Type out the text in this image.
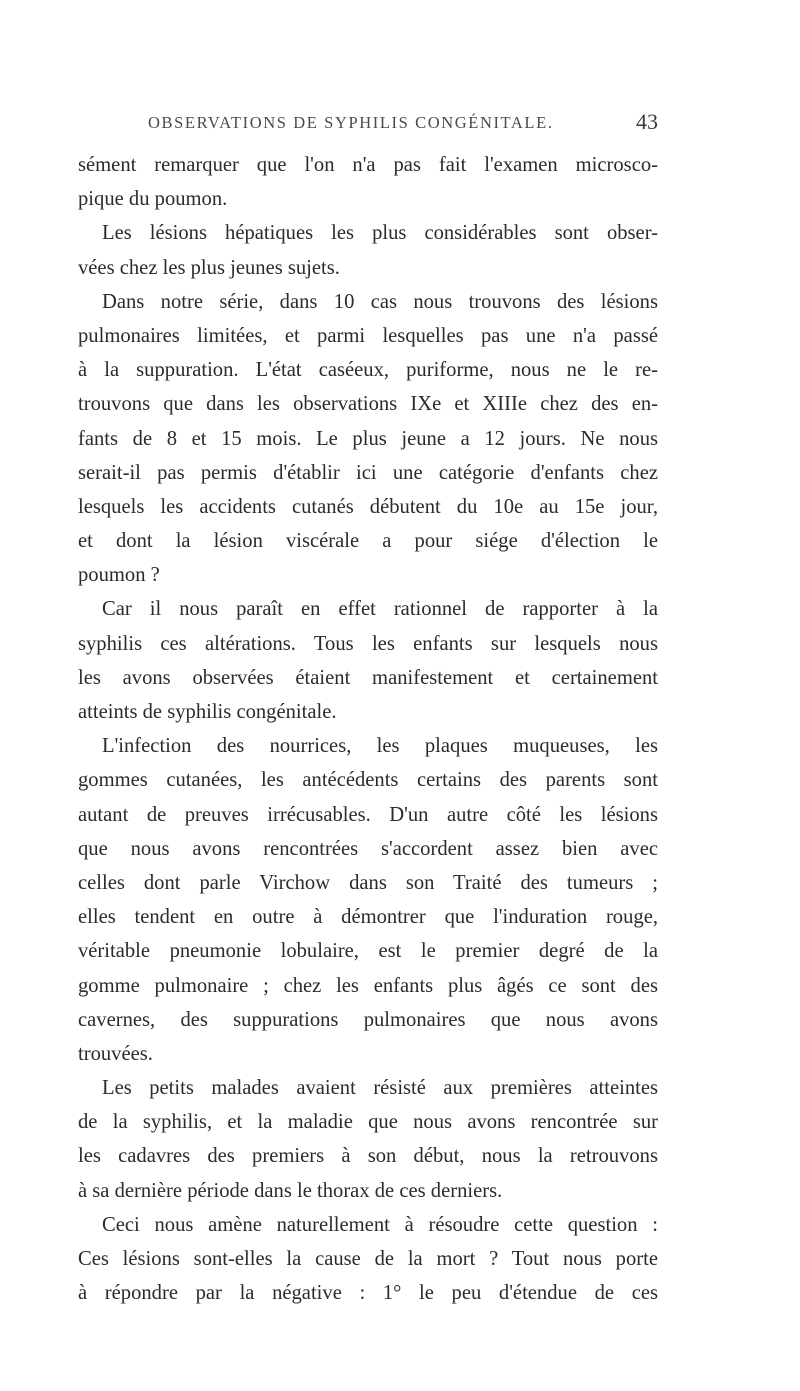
OBSERVATIONS DE SYPHILIS CONGÉNITALE.	43
sément remarquer que l'on n'a pas fait l'examen microsco-
pique du poumon.
Les lésions hépatiques les plus considérables sont obser-
vées chez les plus jeunes sujets.
Dans notre série, dans 10 cas nous trouvons des lésions
pulmonaires limitées, et parmi lesquelles pas une n'a passé
à la suppuration. L'état caséeux, puriforme, nous ne le re-
trouvons que dans les observations IXe et XIIIe chez des en-
fants de 8 et 15 mois. Le plus jeune a 12 jours. Ne nous
serait-il pas permis d'établir ici une catégorie d'enfants chez
lesquels les accidents cutanés débutent du 10e au 15e jour,
et dont la lésion viscérale a pour siége d'élection le
poumon ?
Car il nous paraît en effet rationnel de rapporter à la
syphilis ces altérations. Tous les enfants sur lesquels nous
les avons observées étaient manifestement et certainement
atteints de syphilis congénitale.
L'infection des nourrices, les plaques muqueuses, les
gommes cutanées, les antécédents certains des parents sont
autant de preuves irrécusables. D'un autre côté les lésions
que nous avons rencontrées s'accordent assez bien avec
celles dont parle Virchow dans son Traité des tumeurs ;
elles tendent en outre à démontrer que l'induration rouge,
véritable pneumonie lobulaire, est le premier degré de la
gomme pulmonaire ; chez les enfants plus âgés ce sont des
cavernes, des suppurations pulmonaires que nous avons
trouvées.
Les petits malades avaient résisté aux premières atteintes
de la syphilis, et la maladie que nous avons rencontrée sur
les cadavres des premiers à son début, nous la retrouvons
à sa dernière période dans le thorax de ces derniers.
Ceci nous amène naturellement à résoudre cette question :
Ces lésions sont-elles la cause de la mort ? Tout nous porte
à répondre par la négative : 1° le peu d'étendue de ces
